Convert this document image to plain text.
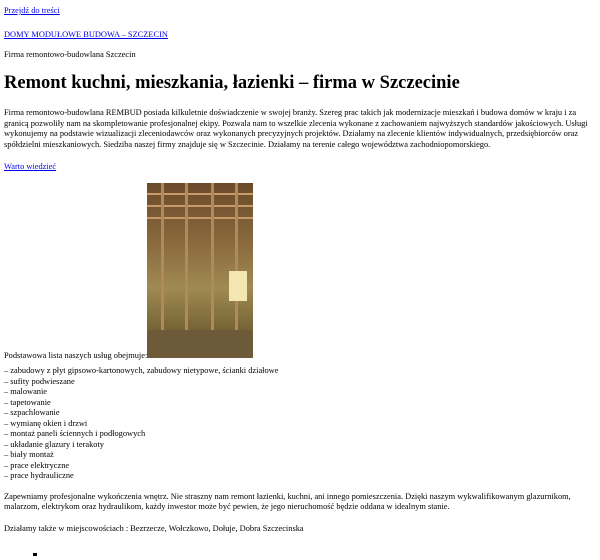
Przejdź do treści

DOMY MODUŁOWE BUDOWA – SZCZECIN

Firma remontowo-budowlana Szczecin

Remont kuchni, mieszkania, łazienki – firma w Szczecinie

Firma remontowo-budowlana REMBUD posiada kilkuletnie doświadczenie w swojej branży. Szereg prac takich jak modernizacje mieszkań i budowa domów w kraju i za granicą pozwoliły nam na skompletowanie profesjonalnej ekipy. Pozwala nam to wszelkie zlecenia wykonane z zachowaniem najwyższych standardów jakościowych. Usługi wykonujemy na podstawie wizualizacji zleceniodawców oraz wykonanych precyzyjnych projektów. Działamy na zlecenie klientów indywidualnych, przedsiębiorców oraz spółdzielni mieszkaniowych. Siedziba naszej firmy znajduje się w Szczecinie. Działamy na terenie całego województwa zachodniopomorskiego.

Warto wiedzieć

Podstawowa lista naszych usług obejmuje:

– zabudowy z płyt gipsowo-kartonowych, zabudowy nietypowe, ścianki działowe
– sufity podwieszane
– malowanie
– tapetowanie
– szpachlowanie
– wymianę okien i drzwi
– montaż paneli ściennych i podłogowych
– układanie glazury i terakoty
– biały montaż
– prace elektryczne
– prace hydrauliczne

Zapewniamy profesjonalne wykończenia wnętrz. Nie straszny nam remont łazienki, kuchni, ani innego pomieszczenia. Dzięki naszym wykwalifikowanym glazurnikom, malarzom, elektrykom oraz hydraulikom, każdy inwestor może być pewien, że jego nieruchomość będzie oddana w idealnym stanie.

Działamy także w miejscowościach : Bezrzecze, Wołczkowo, Dołuje, Dobra Szczecinska
